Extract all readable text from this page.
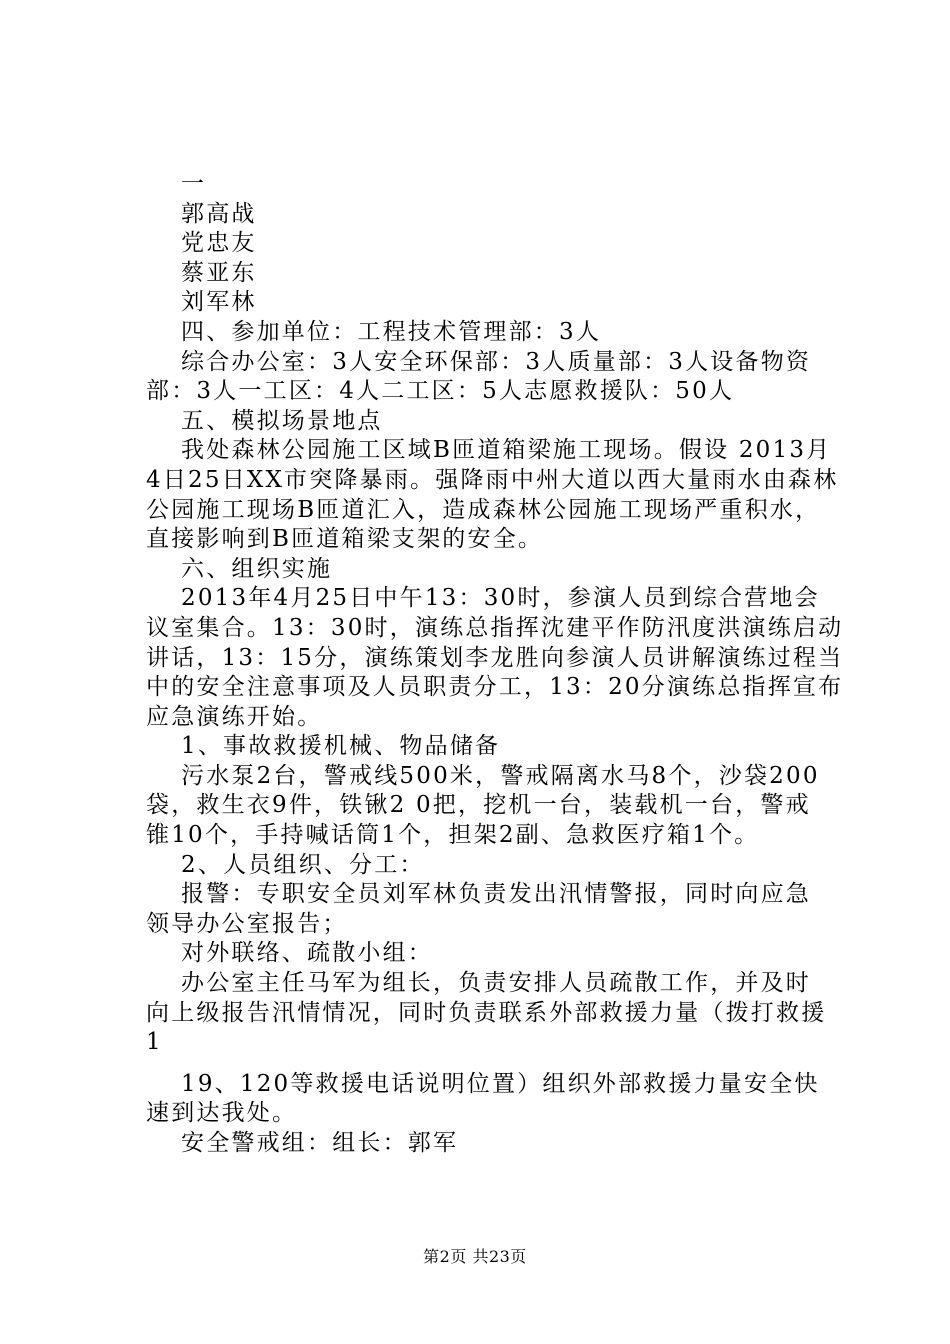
一
郭高战
党忠友
蔡亚东
刘军林
四、参加单位：工程技术管理部：3人
综合办公室：3人安全环保部：3人质量部：3人设备物资
部：3人一工区：4人二工区：5人志愿救援队：50人
五、模拟场景地点
我处森林公园施工区域B匝道箱梁施工现场。假设 2013月
4日25日XX市突降暴雨。强降雨中州大道以西大量雨水由森林
公园施工现场B匝道汇入，造成森林公园施工现场严重积水，
直接影响到B匝道箱梁支架的安全。
六、组织实施
2013年4月25日中午13：30时，参演人员到综合营地会
议室集合。13：30时，演练总指挥沈建平作防汛度洪演练启动
讲话，13：15分，演练策划李龙胜向参演人员讲解演练过程当
中的安全注意事项及人员职责分工，13：20分演练总指挥宣布
应急演练开始。
1、事故救援机械、物品储备
污水泵2台，警戒线500米，警戒隔离水马8个，沙袋200
袋，救生衣9件，铁锹2 0把，挖机一台，装载机一台，警戒
锥10个，手持喊话筒1个，担架2副、急救医疗箱1个。
2、人员组织、分工：
报警：专职安全员刘军林负责发出汛情警报，同时向应急
领导办公室报告；
对外联络、疏散小组：
办公室主任马军为组长，负责安排人员疏散工作，并及时
向上级报告汛情情况，同时负责联系外部救援力量（拨打救援
1
19、120等救援电话说明位置）组织外部救援力量安全快
速到达我处。
安全警戒组：组长：郭军
第2页 共23页
